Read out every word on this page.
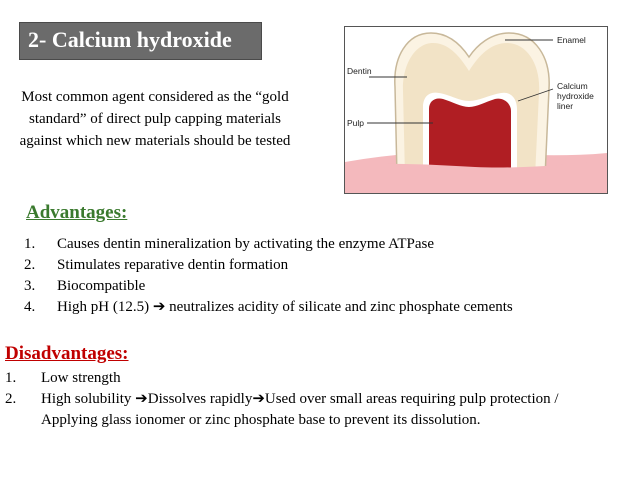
2- Calcium hydroxide
Most common agent considered as the “gold standard” of direct pulp capping materials against which new materials should be tested
Enamel
Dentin
Pulp
Calcium
hydroxide
liner
Advantages:
1. Causes dentin mineralization by activating the enzyme ATPase
2. Stimulates reparative dentin formation
3. Biocompatible
4. High pH (12.5) ➔ neutralizes acidity of silicate and zinc phosphate cements
Disadvantages:
1. Low strength
2. High solubility ➔Dissolves rapidly➔Used over small areas requiring pulp protection / Applying glass ionomer or zinc phosphate base to prevent its dissolution.
